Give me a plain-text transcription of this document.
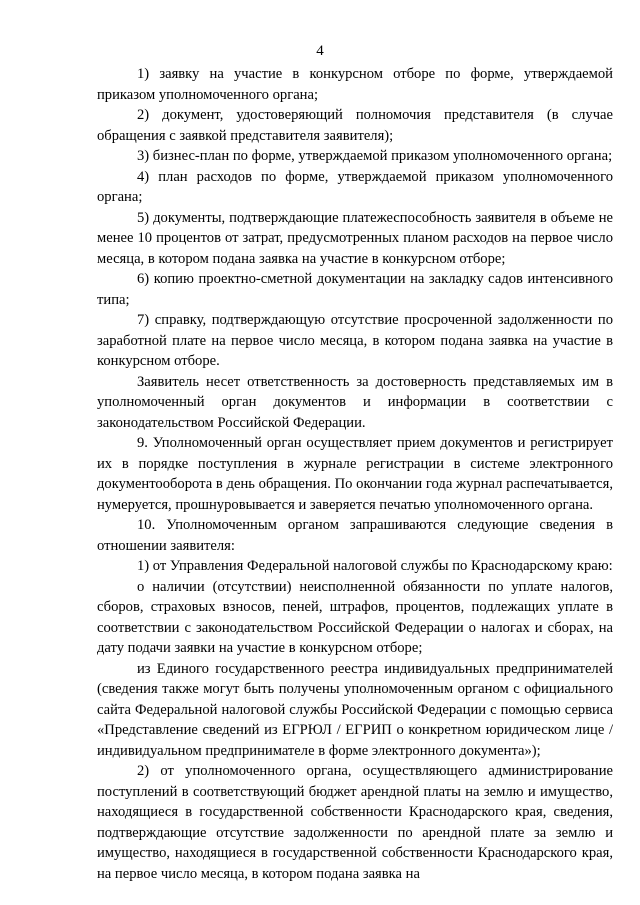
4

1) заявку на участие в конкурсном отборе по форме, утверждаемой приказом уполномоченного органа;

2) документ, удостоверяющий полномочия представителя (в случае обращения с заявкой представителя заявителя);

3) бизнес-план по форме, утверждаемой приказом уполномоченного органа;

4) план расходов по форме, утверждаемой приказом уполномоченного органа;

5) документы, подтверждающие платежеспособность заявителя в объеме не менее 10 процентов от затрат, предусмотренных планом расходов на первое число месяца, в котором подана заявка на участие в конкурсном отборе;

6) копию проектно-сметной документации на закладку садов интенсивного типа;

7) справку, подтверждающую отсутствие просроченной задолженности по заработной плате на первое число месяца, в котором подана заявка на участие в конкурсном отборе.

Заявитель несет ответственность за достоверность представляемых им в уполномоченный орган документов и информации в соответствии с законодательством Российской Федерации.

9. Уполномоченный орган осуществляет прием документов и регистрирует их в порядке поступления в журнале регистрации в системе электронного документооборота в день обращения. По окончании года журнал распечатывается, нумеруется, прошнуровывается и заверяется печатью уполномоченного органа.

10. Уполномоченным органом запрашиваются следующие сведения в отношении заявителя:

1) от Управления Федеральной налоговой службы по Краснодарскому краю:

о наличии (отсутствии) неисполненной обязанности по уплате налогов, сборов, страховых взносов, пеней, штрафов, процентов, подлежащих уплате в соответствии с законодательством Российской Федерации о налогах и сборах, на дату подачи заявки на участие в конкурсном отборе;

из Единого государственного реестра индивидуальных предпринимателей (сведения также могут быть получены уполномоченным органом с официального сайта Федеральной налоговой службы Российской Федерации с помощью сервиса «Представление сведений из ЕГРЮЛ / ЕГРИП о конкретном юридическом лице / индивидуальном предпринимателе в форме электронного документа»);

2) от уполномоченного органа, осуществляющего администрирование поступлений в соответствующий бюджет арендной платы на землю и имущество, находящиеся в государственной собственности Краснодарского края, сведения, подтверждающие отсутствие задолженности по арендной плате за землю и имущество, находящиеся в государственной собственности Краснодарского края, на первое число месяца, в котором подана заявка на
